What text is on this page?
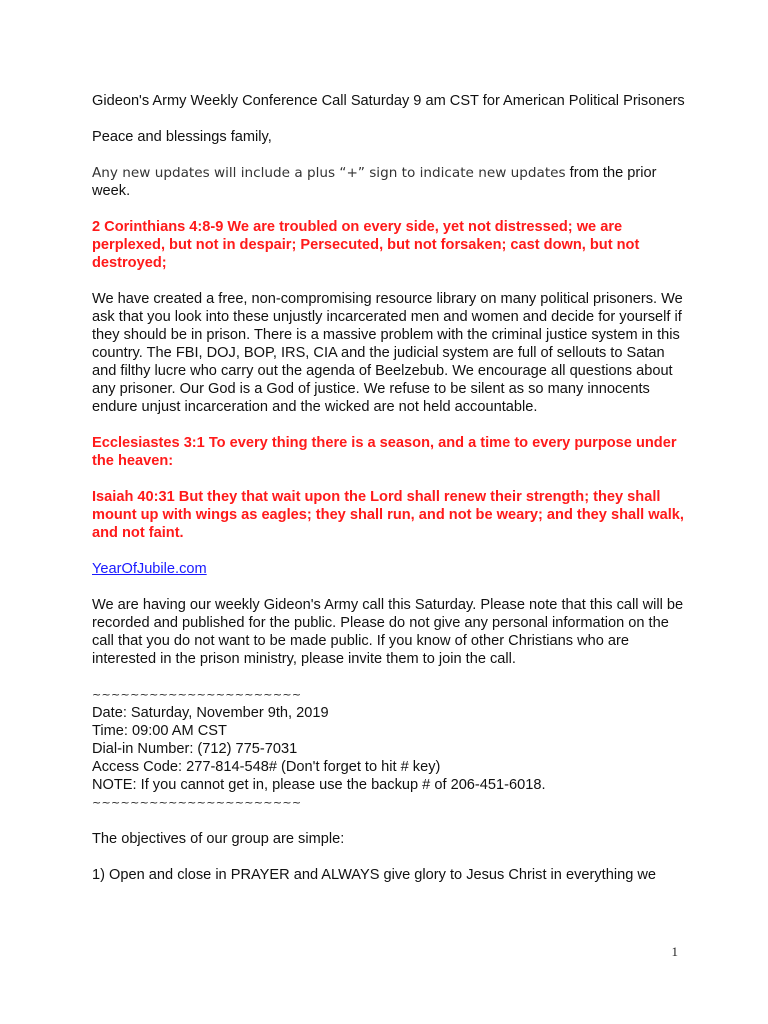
Gideon's Army Weekly Conference Call Saturday 9 am CST for American Political Prisoners

Peace and blessings family,

Any new updates will include a plus “+” sign to indicate new updates from the prior week.

2 Corinthians 4:8-9 We are troubled on every side, yet not distressed; we are perplexed, but not in despair; Persecuted, but not forsaken; cast down, but not destroyed;

We have created a free, non-compromising resource library on many political prisoners. We ask that you look into these unjustly incarcerated men and women and decide for yourself if they should be in prison. There is a massive problem with the criminal justice system in this country. The FBI, DOJ, BOP, IRS, CIA and the judicial system are full of sellouts to Satan and filthy lucre who carry out the agenda of Beelzebub. We encourage all questions about any prisoner. Our God is a God of justice. We refuse to be silent as so many innocents endure unjust incarceration and the wicked are not held accountable.

Ecclesiastes 3:1 To every thing there is a season, and a time to every purpose under the heaven:

Isaiah 40:31 But they that wait upon the Lord shall renew their strength; they shall mount up with wings as eagles; they shall run, and not be weary; and they shall walk, and not faint.

YearOfJubile.com

We are having our weekly Gideon's Army call this Saturday. Please note that this call will be recorded and published for the public. Please do not give any personal information on the call that you do not want to be made public. If you know of other Christians who are interested in the prison ministry, please invite them to join the call.

~~~~~~~~~~~~~~~~~~~~~~
Date: Saturday, November 9th, 2019
Time: 09:00 AM CST
Dial-in Number: (712) 775-7031
Access Code: 277-814-548# (Don't forget to hit # key)
NOTE: If you cannot get in, please use the backup # of 206-451-6018.
~~~~~~~~~~~~~~~~~~~~~~

The objectives of our group are simple:

1) Open and close in PRAYER and ALWAYS give glory to Jesus Christ in everything we

1
